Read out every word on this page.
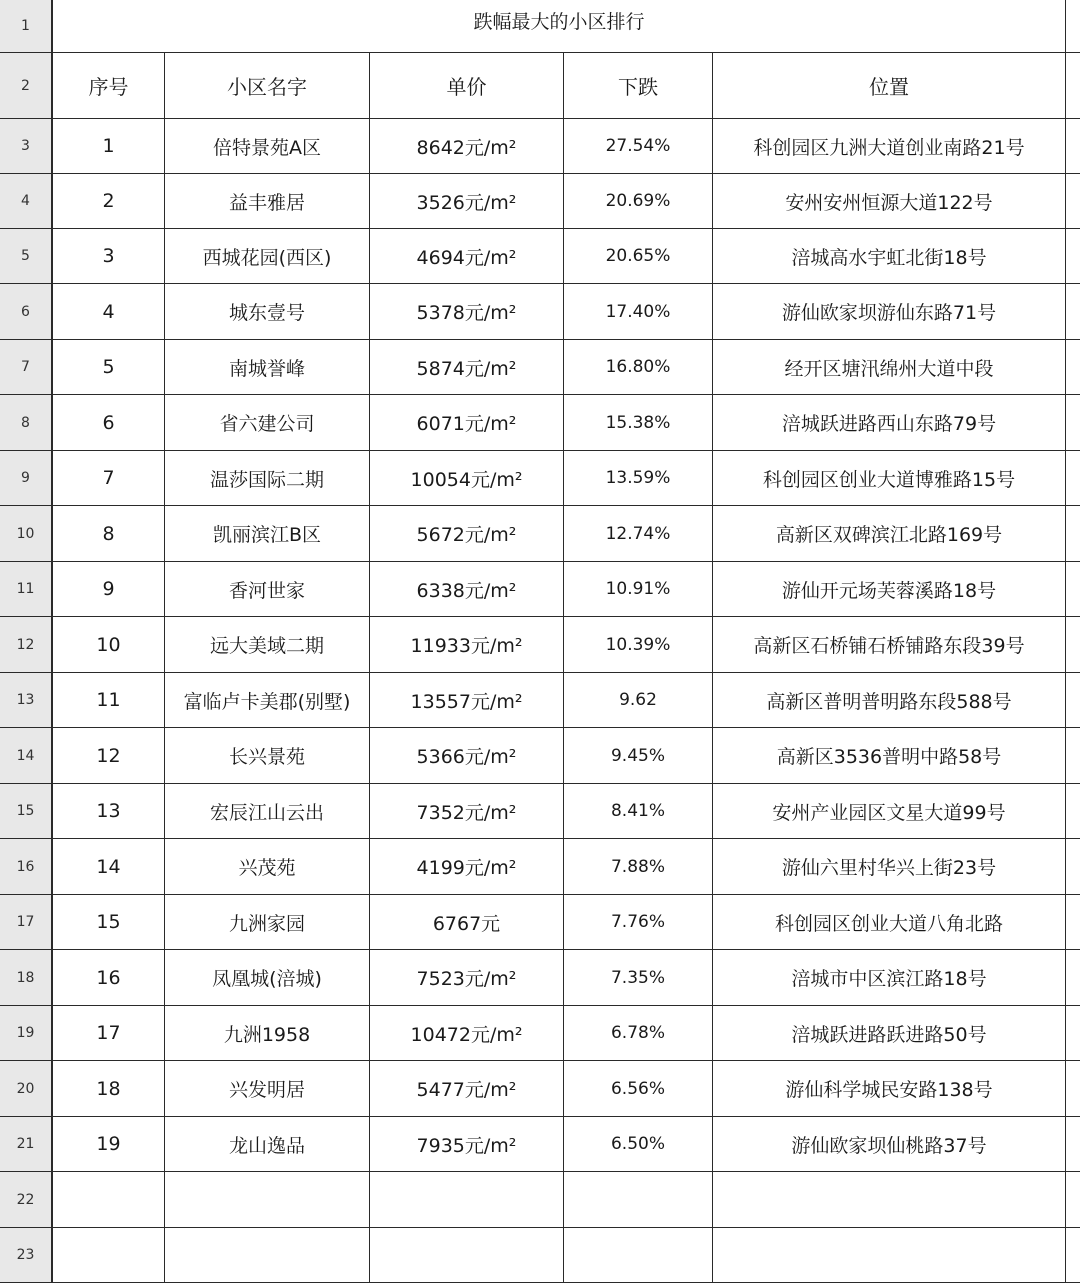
1	跌幅最大的小区排行
2	序号	小区名字	单价	下跌	位置
3	1	倍特景苑A区	8642元/m²	27.54%	科创园区九洲大道创业南路21号
4	2	益丰雅居	3526元/m²	20.69%	安州安州恒源大道122号
5	3	西城花园(西区)	4694元/m²	20.65%	涪城高水宇虹北街18号
6	4	城东壹号	5378元/m²	17.40%	游仙欧家坝游仙东路71号
7	5	南城誉峰	5874元/m²	16.80%	经开区塘汛绵州大道中段
8	6	省六建公司	6071元/m²	15.38%	涪城跃进路西山东路79号
9	7	温莎国际二期	10054元/m²	13.59%	科创园区创业大道博雅路15号
10	8	凯丽滨江B区	5672元/m²	12.74%	高新区双碑滨江北路169号
11	9	香河世家	6338元/m²	10.91%	游仙开元场芙蓉溪路18号
12	10	远大美域二期	11933元/m²	10.39%	高新区石桥铺石桥铺路东段39号
13	11	富临卢卡美郡(别墅)	13557元/m²	9.62	高新区普明普明路东段588号
14	12	长兴景苑	5366元/m²	9.45%	高新区3536普明中路58号
15	13	宏辰江山云出	7352元/m²	8.41%	安州产业园区文星大道99号
16	14	兴茂苑	4199元/m²	7.88%	游仙六里村华兴上街23号
17	15	九洲家园	6767元	7.76%	科创园区创业大道八角北路
18	16	凤凰城(涪城)	7523元/m²	7.35%	涪城市中区滨江路18号
19	17	九洲1958	10472元/m²	6.78%	涪城跃进路跃进路50号
20	18	兴发明居	5477元/m²	6.56%	游仙科学城民安路138号
21	19	龙山逸品	7935元/m²	6.50%	游仙欧家坝仙桃路37号
22
23
